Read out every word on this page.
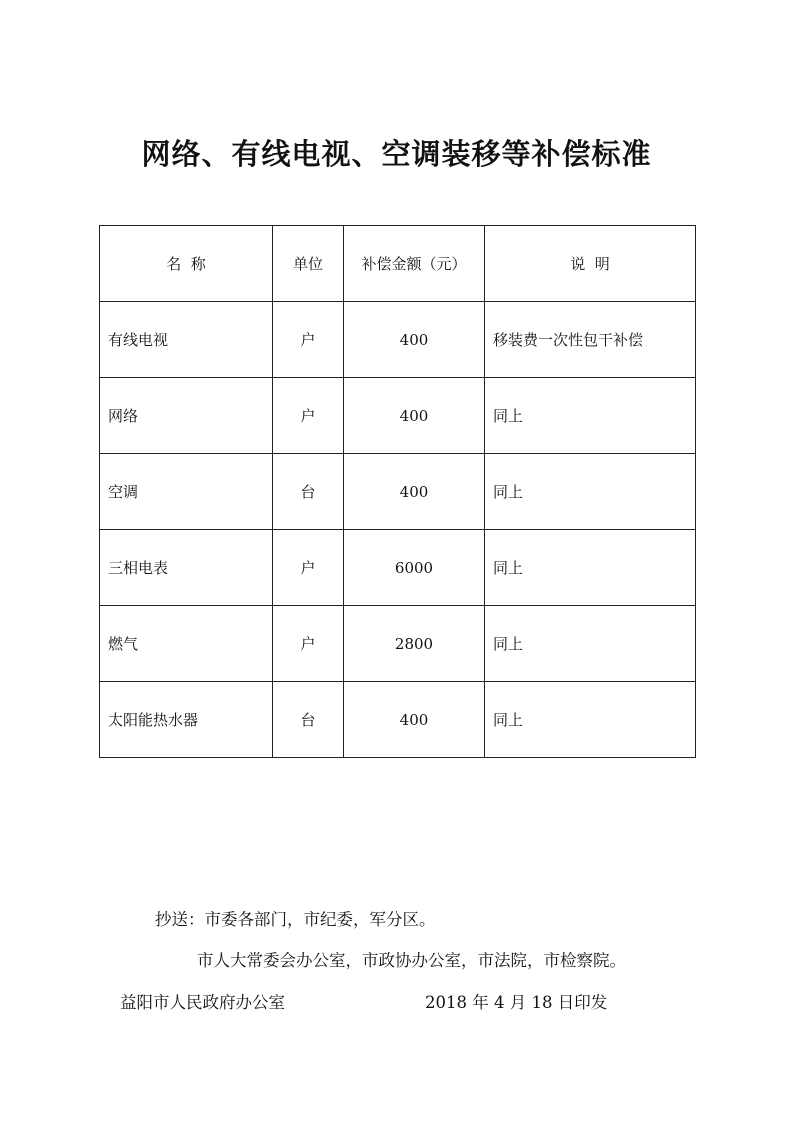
网络、有线电视、空调装移等补偿标准
名  称	单位	补偿金额（元）	说  明
有线电视	户	400	移装费一次性包干补偿
网络	户	400	同上
空调	台	400	同上
三相电表	户	6000	同上
燃气	户	2800	同上
太阳能热水器	台	400	同上

抄送：市委各部门，市纪委，军分区。

市人大常委会办公室，市政协办公室，市法院，市检察院。

益阳市人民政府办公室	2018 年 4 月 18 日印发
